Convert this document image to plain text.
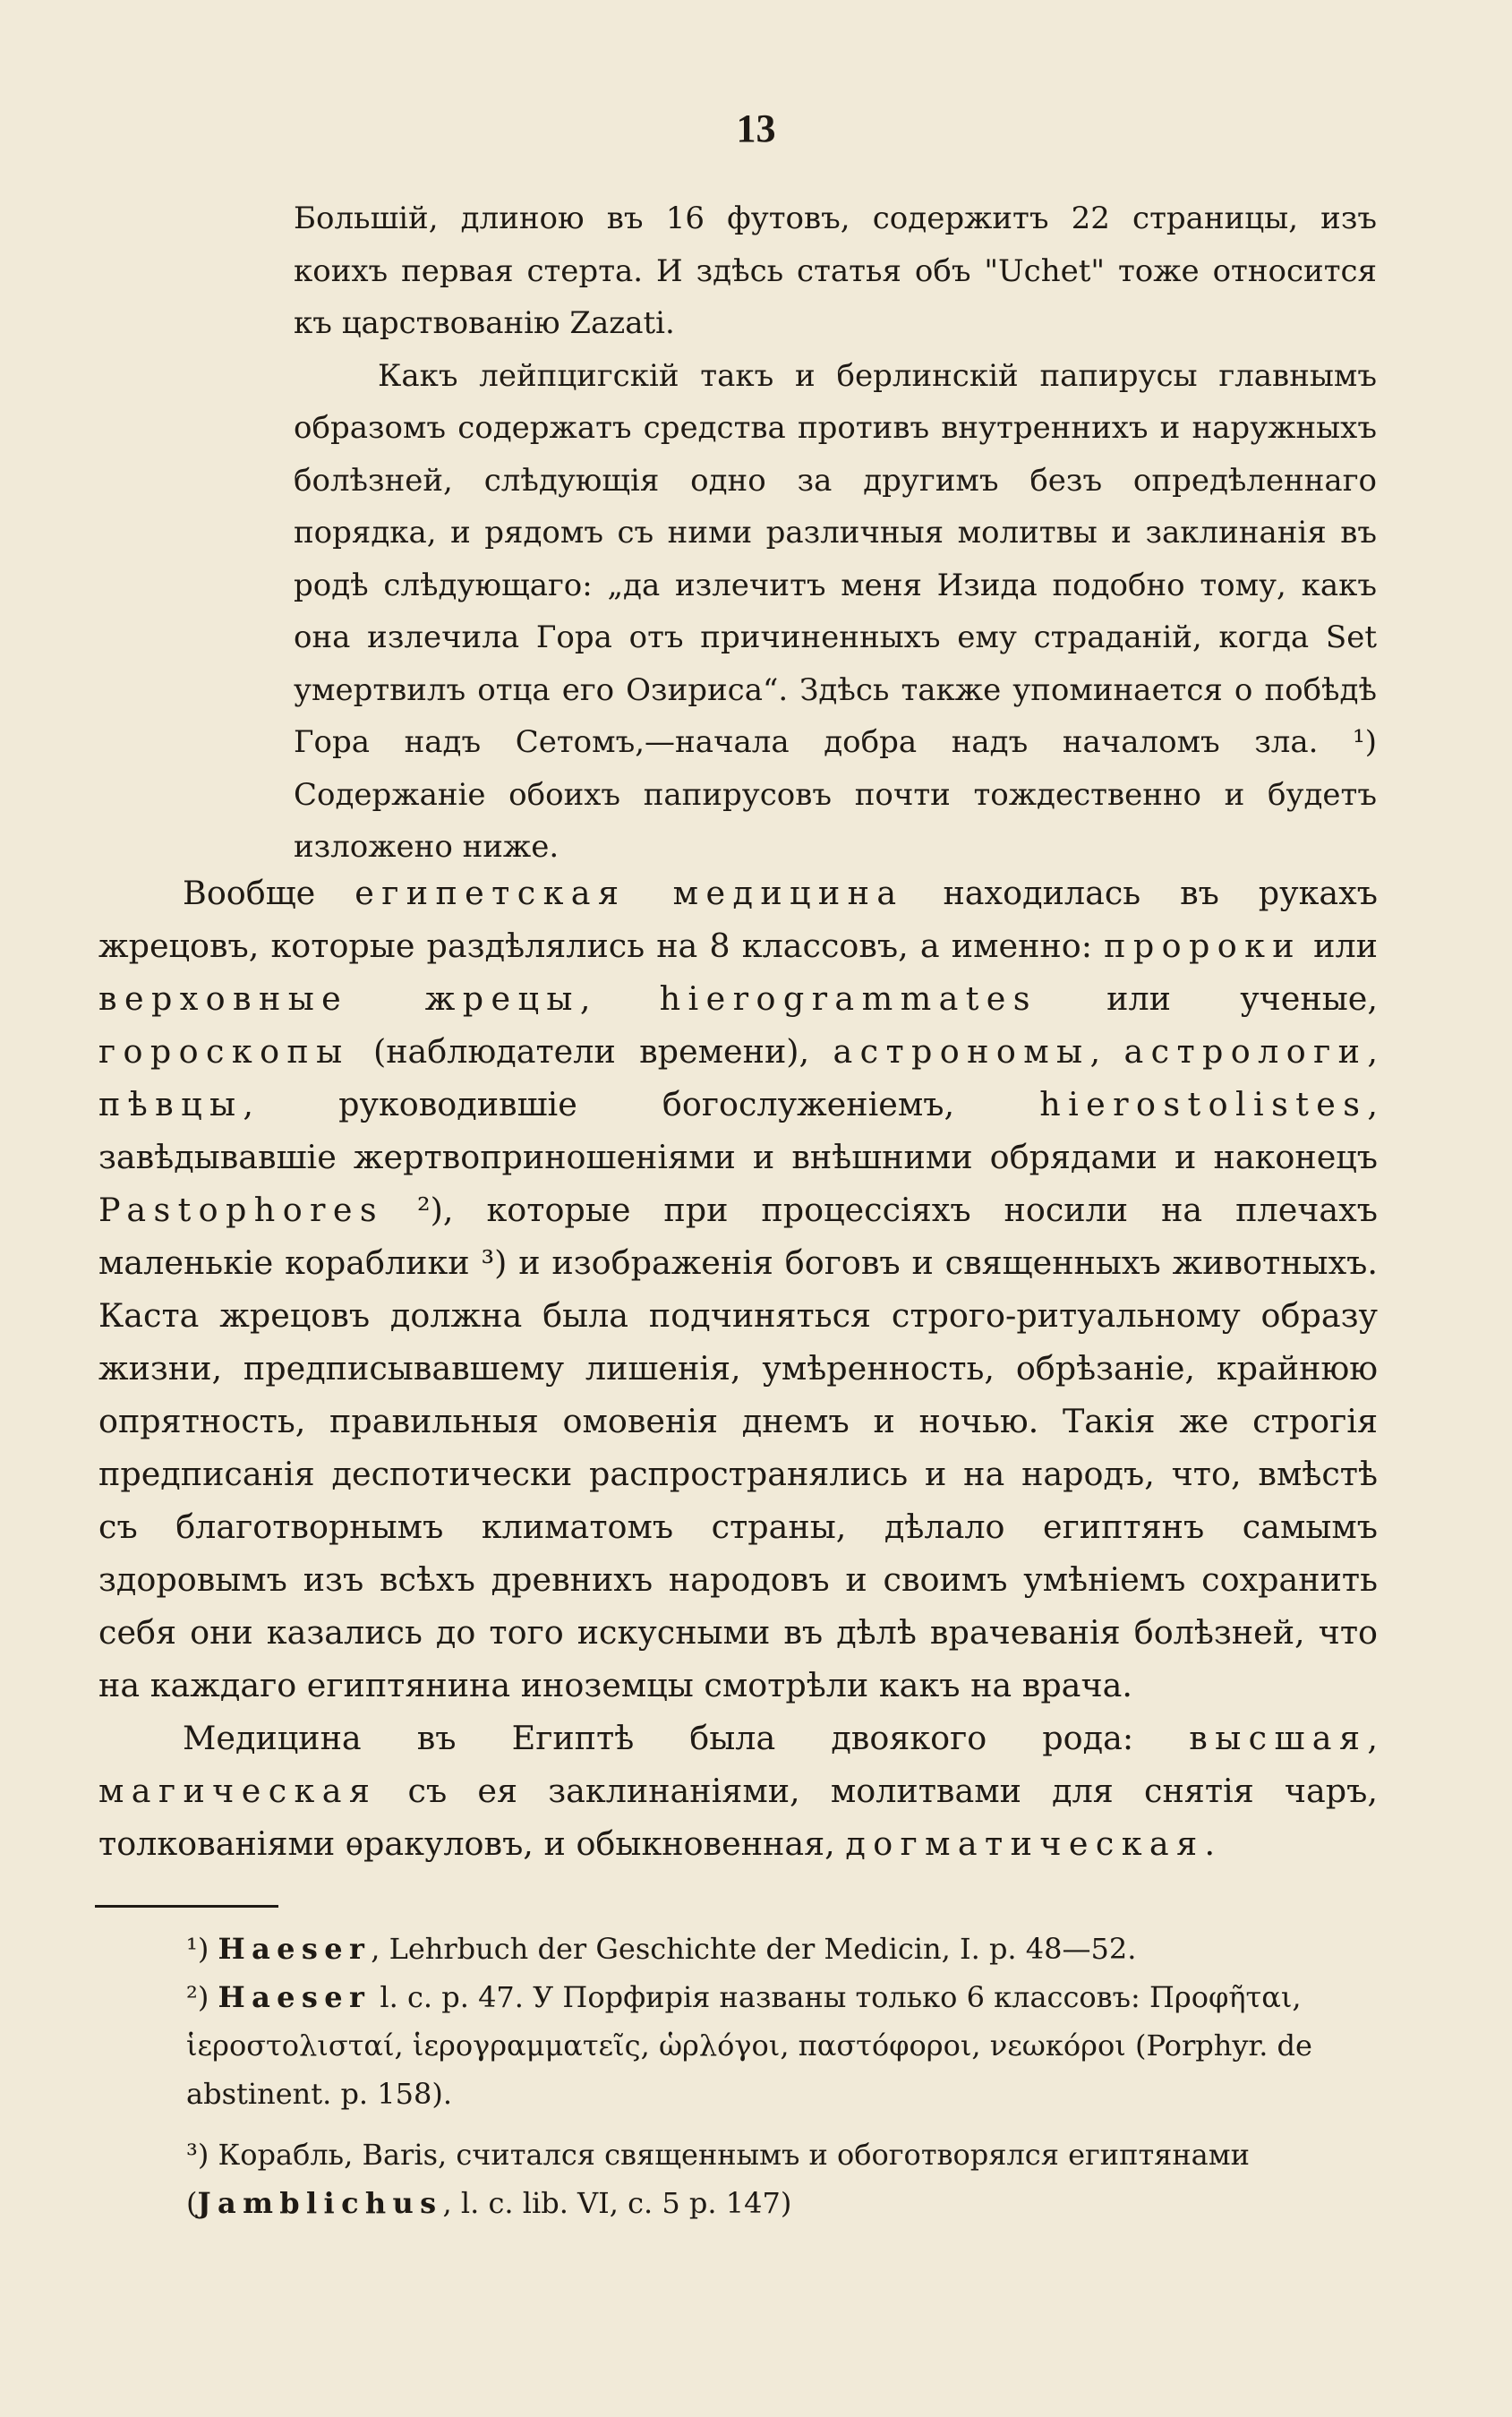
13

Большій, длиною въ 16 футовъ, содержитъ 22 страницы, изъ коихъ первая стерта. И здѣсь статья объ "Uchet" тоже относится къ царствованію Zazati.

Какъ лейпцигскій такъ и берлинскій папирусы главнымъ образомъ содержатъ средства противъ внутреннихъ и наружныхъ болѣзней, слѣдующія одно за другимъ безъ опредѣленнаго порядка, и рядомъ съ ними различныя молитвы и заклинанія въ родѣ слѣдующаго: „да излечитъ меня Изида подобно тому, какъ она излечила Гора отъ причиненныхъ ему страданій, когда Set умертвилъ отца его Озириса“. Здѣсь также упоминается о побѣдѣ Гора надъ Сетомъ,—начала добра надъ началомъ зла. ¹) Содержаніе обоихъ папирусовъ почти тождественно и будетъ изложено ниже.

Вообще египетская медицина находилась въ рукахъ жрецовъ, которые раздѣлялись на 8 классовъ, а именно: пророки или верховные жрецы, hierogrammates или ученые, гороскопы (наблюдатели времени), астрономы, астрологи, пѣвцы, руководившіе богослуженіемъ, hierostolistes, завѣдывавшіе жертвоприношеніями и внѣшними обрядами и наконецъ Pastophores ²), которые при процессіяхъ носили на плечахъ маленькіе кораблики ³) и изображенія боговъ и священныхъ животныхъ. Каста жрецовъ должна была подчиняться строго-ритуальному образу жизни, предписывавшему лишенія, умѣренность, обрѣзаніе, крайнюю опрятность, правильныя омовенія днемъ и ночью. Такія же строгія предписанія деспотически распространялись и на народъ, что, вмѣстѣ съ благотворнымъ климатомъ страны, дѣлало египтянъ самымъ здоровымъ изъ всѣхъ древнихъ народовъ и своимъ умѣніемъ сохранить себя они казались до того искусными въ дѣлѣ врачеванія болѣзней, что на каждаго египтянина иноземцы смотрѣли какъ на врача.

Медицина въ Египтѣ была двоякого рода: высшая, магическая съ ея заклинаніями, молитвами для снятія чаръ, толкованіями ѳракуловъ, и обыкновенная, догматическая.

¹) Haeser, Lehrbuch der Geschichte der Medicin, I. p. 48—52.

²) Haeser l. c. p. 47. У Порфирія названы только 6 классовъ: Προφῆται, ἱεροστολισταί, ἱερογραμματεῖς, ὡρλόγοι, παστόφοροι, νεωκόροι (Porphyr. de abstinent. p. 158).

³) Корабль, Baris, считался священнымъ и обоготворялся египтянами (Jamblichus, l. c. lib. VI, c. 5 p. 147)
